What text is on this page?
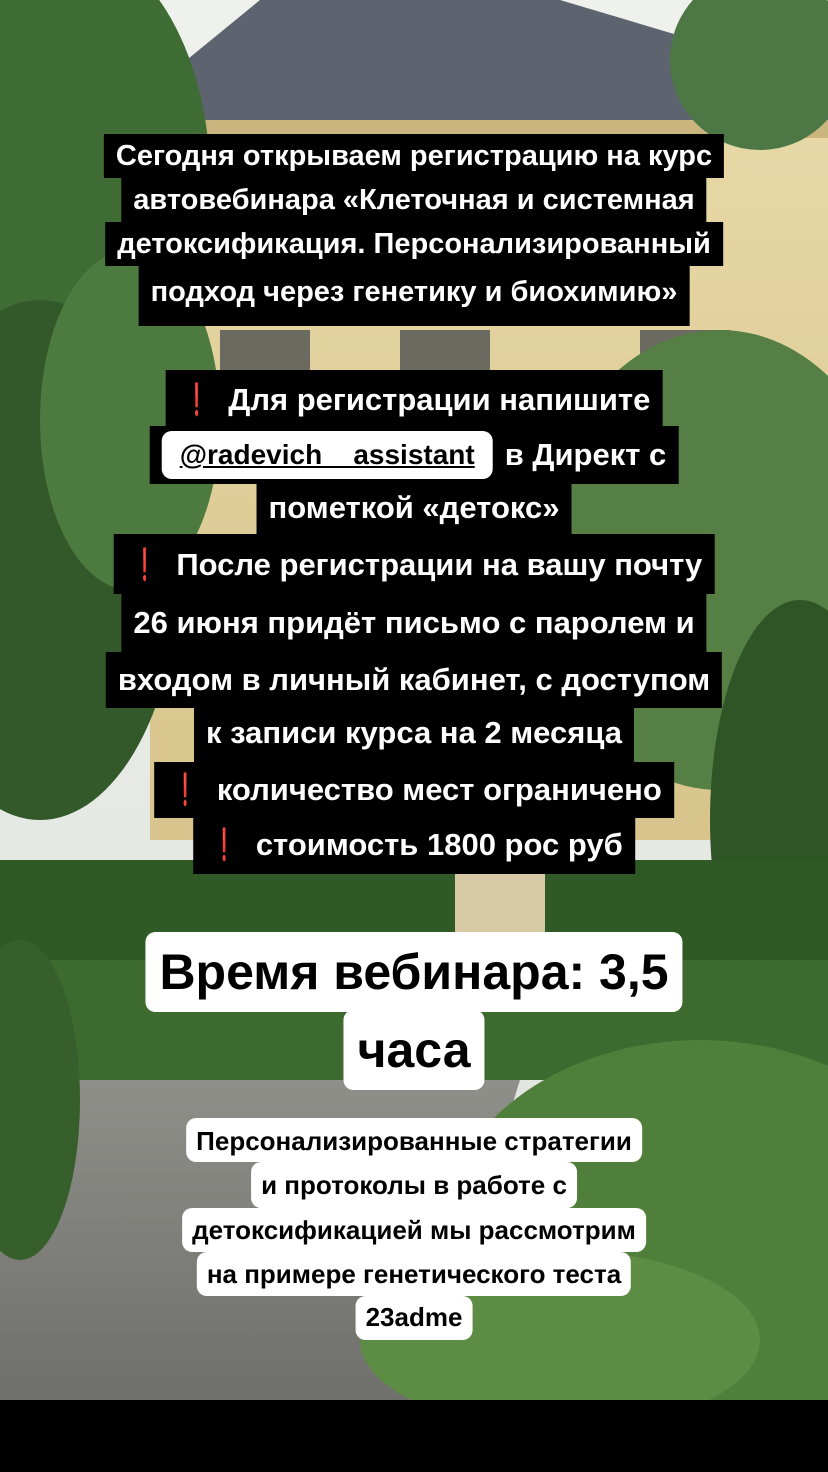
Сегодня открываем регистрацию на курс
автовебинара «Клеточная и системная
детоксификация. Персонализированный
подход через генетику и биохимию»
❗ Для регистрации напишите
@radevich__assistant в Директ с
пометкой «детокс»
❗ После регистрации на вашу почту
26 июня придёт письмо с паролем и
входом в личный кабинет, с доступом
к записи курса на 2 месяца
❗ количество мест ограничено
❗ стоимость 1800 рос руб
Время вебинара: 3,5
часа
Персонализированные стратегии
и протоколы в работе с
детоксификацией мы рассмотрим
на примере генетического теста
23adme
